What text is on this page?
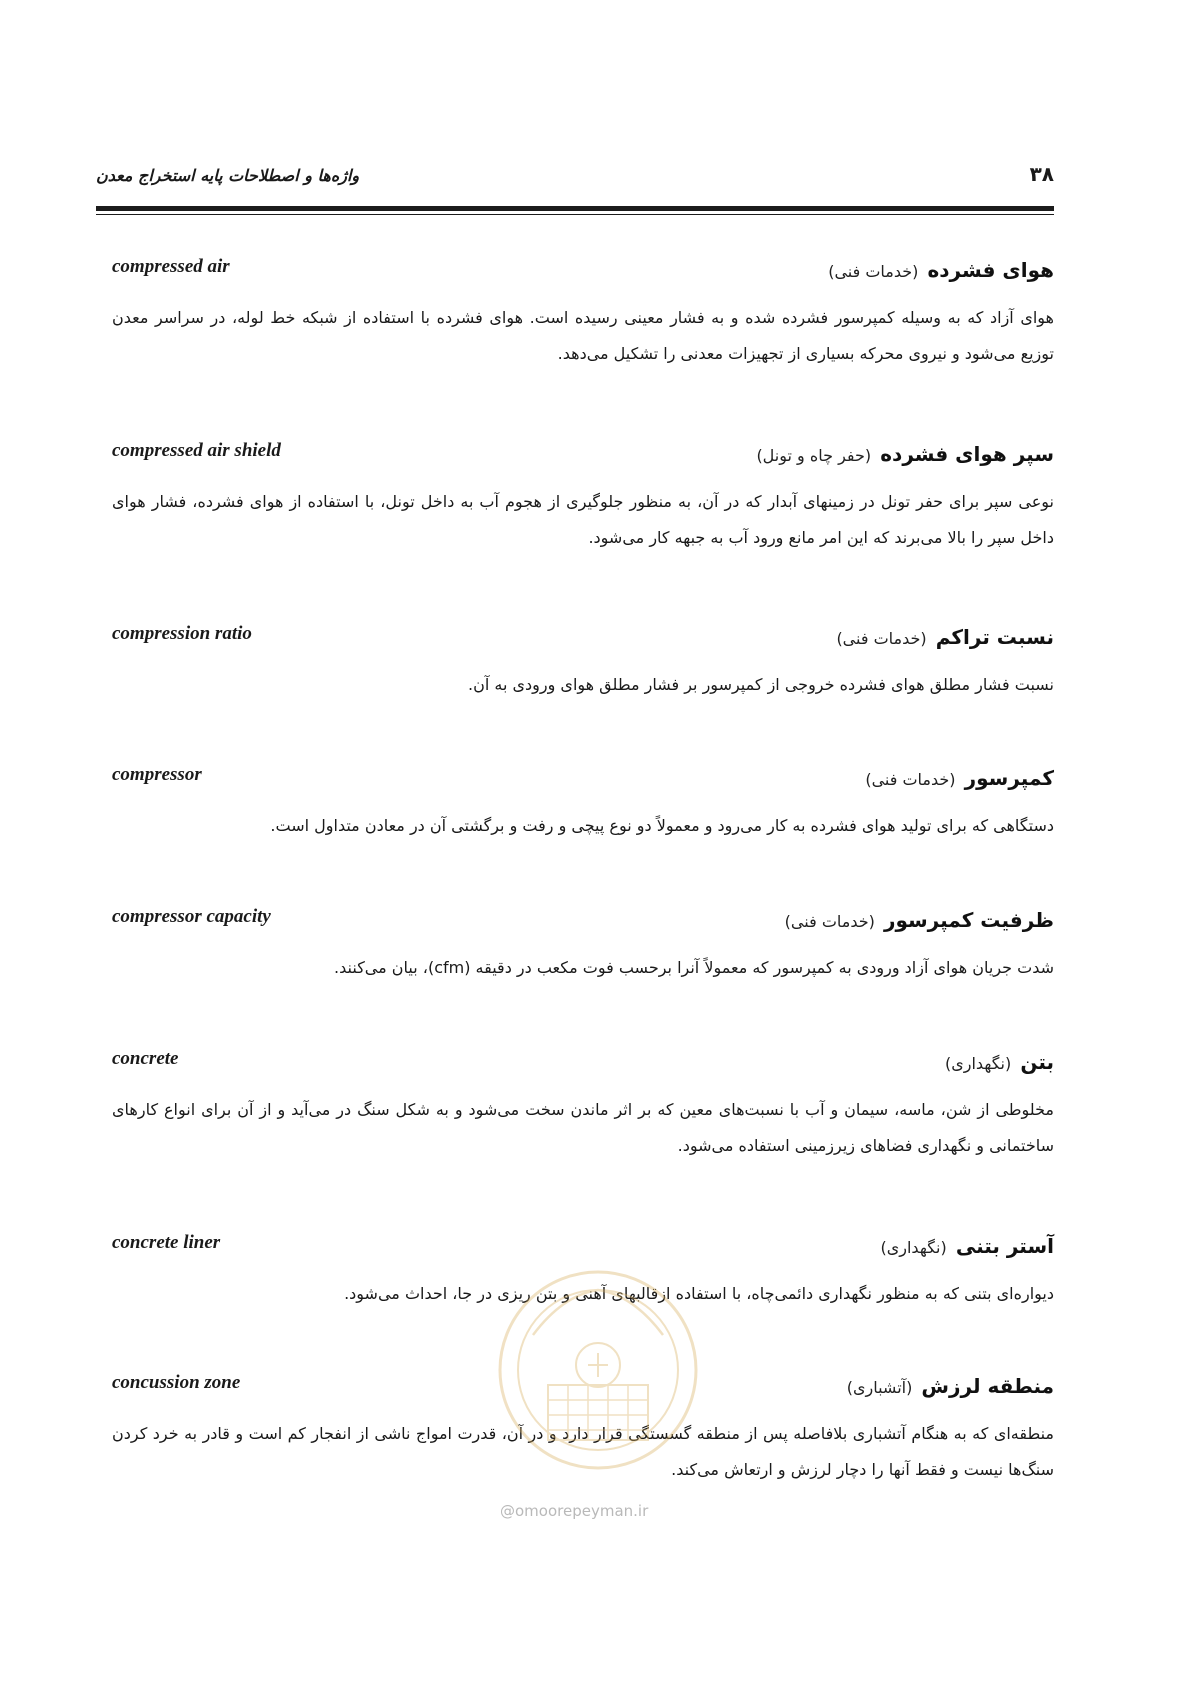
واژه‌ها و اصطلاحات پایه استخراج معدن	۳۸
compressed air	هوای فشرده (خدمات فنی)
هوای آزاد که به وسیله کمپرسور فشرده شده و به فشار معینی رسیده است. هوای فشرده با استفاده از شبکه خط لوله، در سراسر معدن توزیع می‌شود و نیروی محرکه بسیاری از تجهیزات معدنی را تشکیل می‌دهد.
compressed air shield	سپر هوای فشرده (حفر چاه و تونل)
نوعی سپر برای حفر تونل در زمینهای آبدار که در آن، به منظور جلوگیری از هجوم آب به داخل تونل، با استفاده از هوای فشرده، فشار هوای داخل سپر را بالا می‌برند که این امر مانع ورود آب به جبهه کار می‌شود.
compression ratio	نسبت تراکم (خدمات فنی)
نسبت فشار مطلق هوای فشرده خروجی از کمپرسور بر فشار مطلق هوای ورودی به آن.
compressor	کمپرسور (خدمات فنی)
دستگاهی که برای تولید هوای فشرده به کار می‌رود و معمولاً دو نوع پیچی و رفت و برگشتی آن در معادن متداول است.
compressor capacity	ظرفیت کمپرسور (خدمات فنی)
شدت جریان هوای آزاد ورودی به کمپرسور که معمولاً آنرا برحسب فوت مکعب در دقیقه (cfm)، بیان می‌کنند.
concrete	بتن (نگهداری)
مخلوطی از شن، ماسه، سیمان و آب با نسبت‌های معین که بر اثر ماندن سخت می‌شود و به شکل سنگ در می‌آید و از آن برای انواع کارهای ساختمانی و نگهداری فضاهای زیرزمینی استفاده می‌شود.
concrete liner	آستر بتنی (نگهداری)
دیواره‌ای بتنی که به منظور نگهداری دائمی‌چاه، با استفاده ازقالبهای آهنی و بتن ریزی در جا، احداث می‌شود.
concussion zone	منطقه لرزش (آتشباری)
منطقه‌ای که به هنگام آتشباری بلافاصله پس از منطقه گسستگی قرار دارد و در آن، قدرت امواج ناشی از انفجار کم است و قادر به خرد کردن سنگ‌ها نیست و فقط آنها را دچار لرزش و ارتعاش می‌کند.
@omoorepeyman.ir
